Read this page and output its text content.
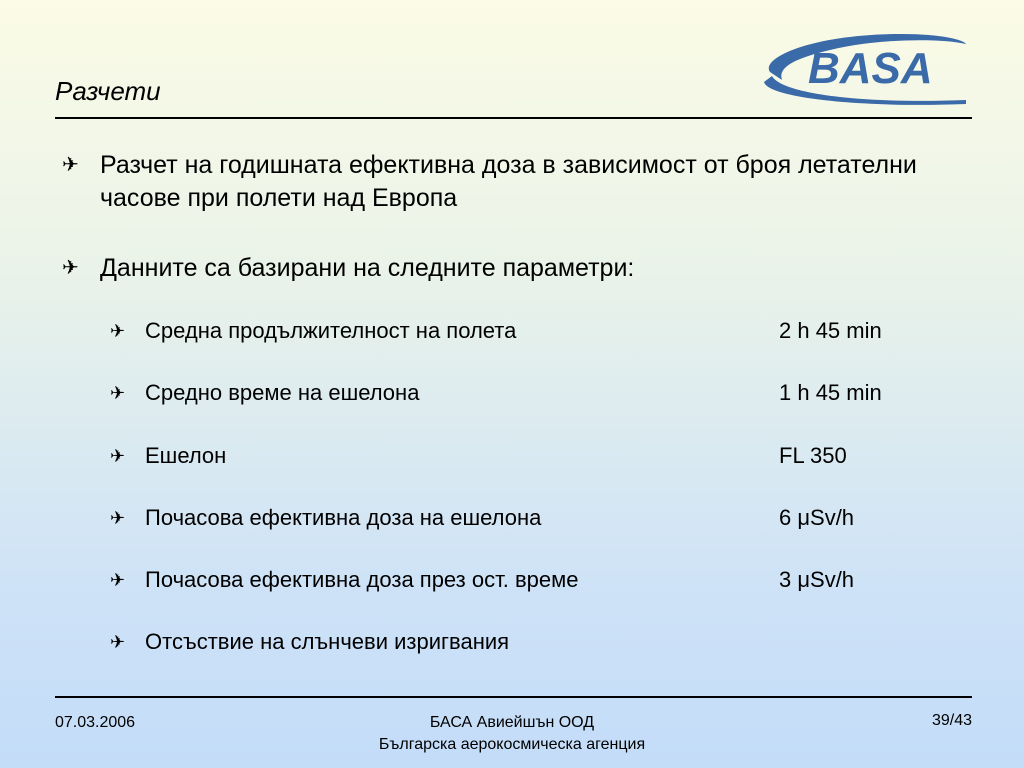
Разчети	BASA
✈ Разчет на годишната ефективна доза в зависимост от броя летателни часове при полети над Европа
✈ Данните са базирани на следните параметри:
✈ Средна продължителност на полета	2 h 45 min
✈ Средно време на ешелона	1 h 45 min
✈ Ешелон	FL 350
✈ Почасова ефективна доза на ешелона	6 μSv/h
✈ Почасова ефективна доза през ост. време	3 μSv/h
✈ Отсъствие на слънчеви изригвания
07.03.2006	БАСА Авиейшън ООД
Българска аерокосмическа агенция
39/43
